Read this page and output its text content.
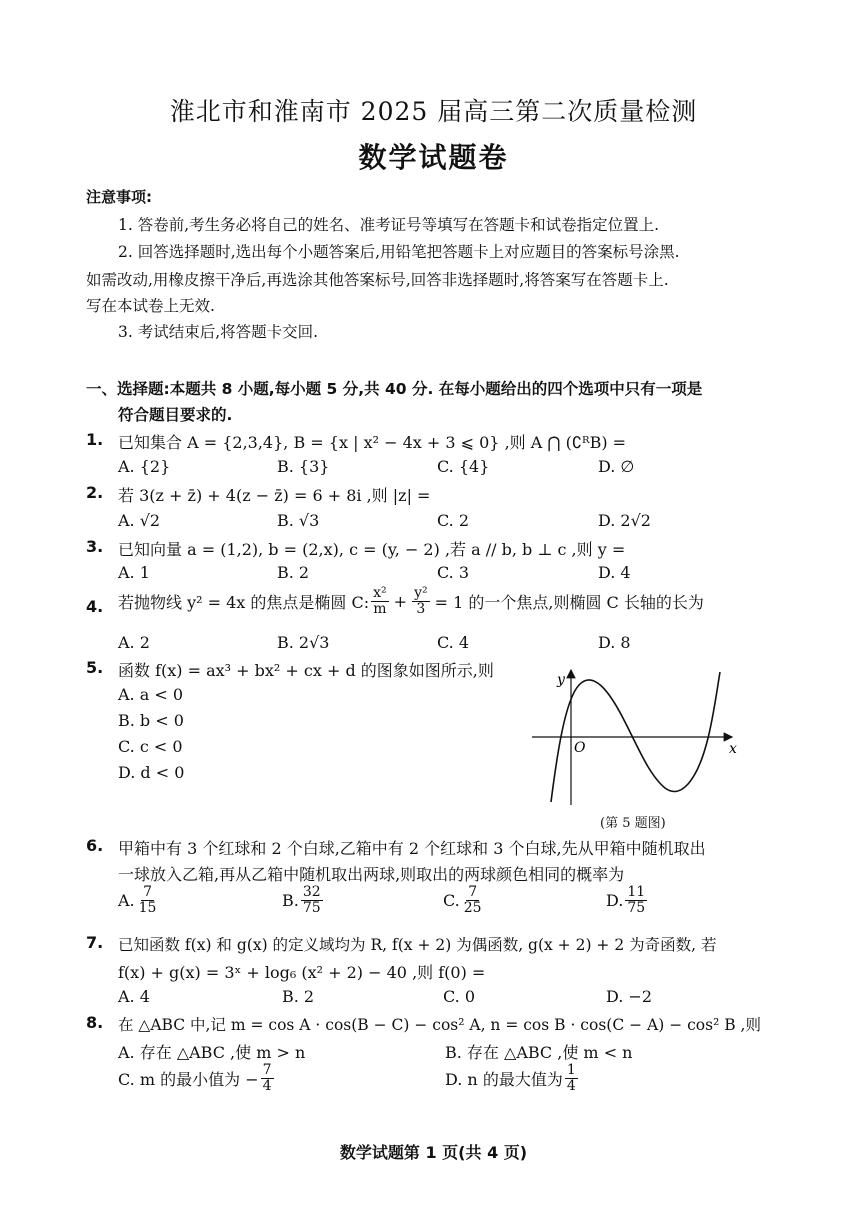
淮北市和淮南市 2025 届高三第二次质量检测
数学试题卷
注意事项:
1. 答卷前,考生务必将自己的姓名、准考证号等填写在答题卡和试卷指定位置上.
2. 回答选择题时,选出每个小题答案后,用铅笔把答题卡上对应题目的答案标号涂黑.
如需改动,用橡皮擦干净后,再选涂其他答案标号,回答非选择题时,将答案写在答题卡上.
写在本试卷上无效.
3. 考试结束后,将答题卡交回.
一、选择题:本题共 8 小题,每小题 5 分,共 40 分. 在每小题给出的四个选项中只有一项是
符合题目要求的.
1. 已知集合 A = {2,3,4}, B = {x | x² − 4x + 3 ⩽ 0} ,则 A ⋂ (∁ᴿB) =
A. {2}	B. {3}	C. {4}	D. ∅
2. 若 3(z + z̄) + 4(z − z̄) = 6 + 8i ,则 |z| =
A. √2	B. √3	C. 2	D. 2√2
3. 已知向量 a = (1,2), b = (2,x), c = (y, − 2) ,若 a // b, b ⊥ c ,则 y =
A. 1	B. 2	C. 3	D. 4
4. 若抛物线 y² = 4x 的焦点是椭圆 C: $\frac{\text{x²}}{m} + \frac{\text{y²}}{3} = 1$ 的一个焦点,则椭圆 C 长轴的长为
A. 2	B. 2√3	C. 4	D. 8
5. 函数 f(x) = ax³ + bx² + cx + d 的图象如图所示,则
A. a < 0
B. b < 0
C. c < 0
D. d < 0
y
x
O
(第 5 题图)
6. 甲箱中有 3 个红球和 2 个白球,乙箱中有 2 个红球和 3 个白球,先从甲箱中随机取出
一球放入乙箱,再从乙箱中随机取出两球,则取出的两球颜色相同的概率为
A. $\frac{7}{15}$	B. $\frac{32}{75}$	C. $\frac{7}{25}$	D. $\frac{11}{75}$
7. 已知函数 f(x) 和 g(x) 的定义域均为 R, f(x + 2) 为偶函数, g(x + 2) + 2 为奇函数, 若
f(x) + g(x) = 3ˣ + log₆ (x² + 2) − 40 ,则 f(0) =
A. 4	B. 2	C. 0	D. −2
8. 在 △ABC 中,记 m = cos A · cos(B − C) − cos² A, n = cos B · cos(C − A) − cos² B ,则
A. 存在 △ABC ,使 m > n	B. 存在 △ABC ,使 m < n
C. m 的最小值为 − $\frac{7}{4}$	D. n 的最大值为 $\frac{1}{4}$
数学试题第 1 页(共 4 页)
